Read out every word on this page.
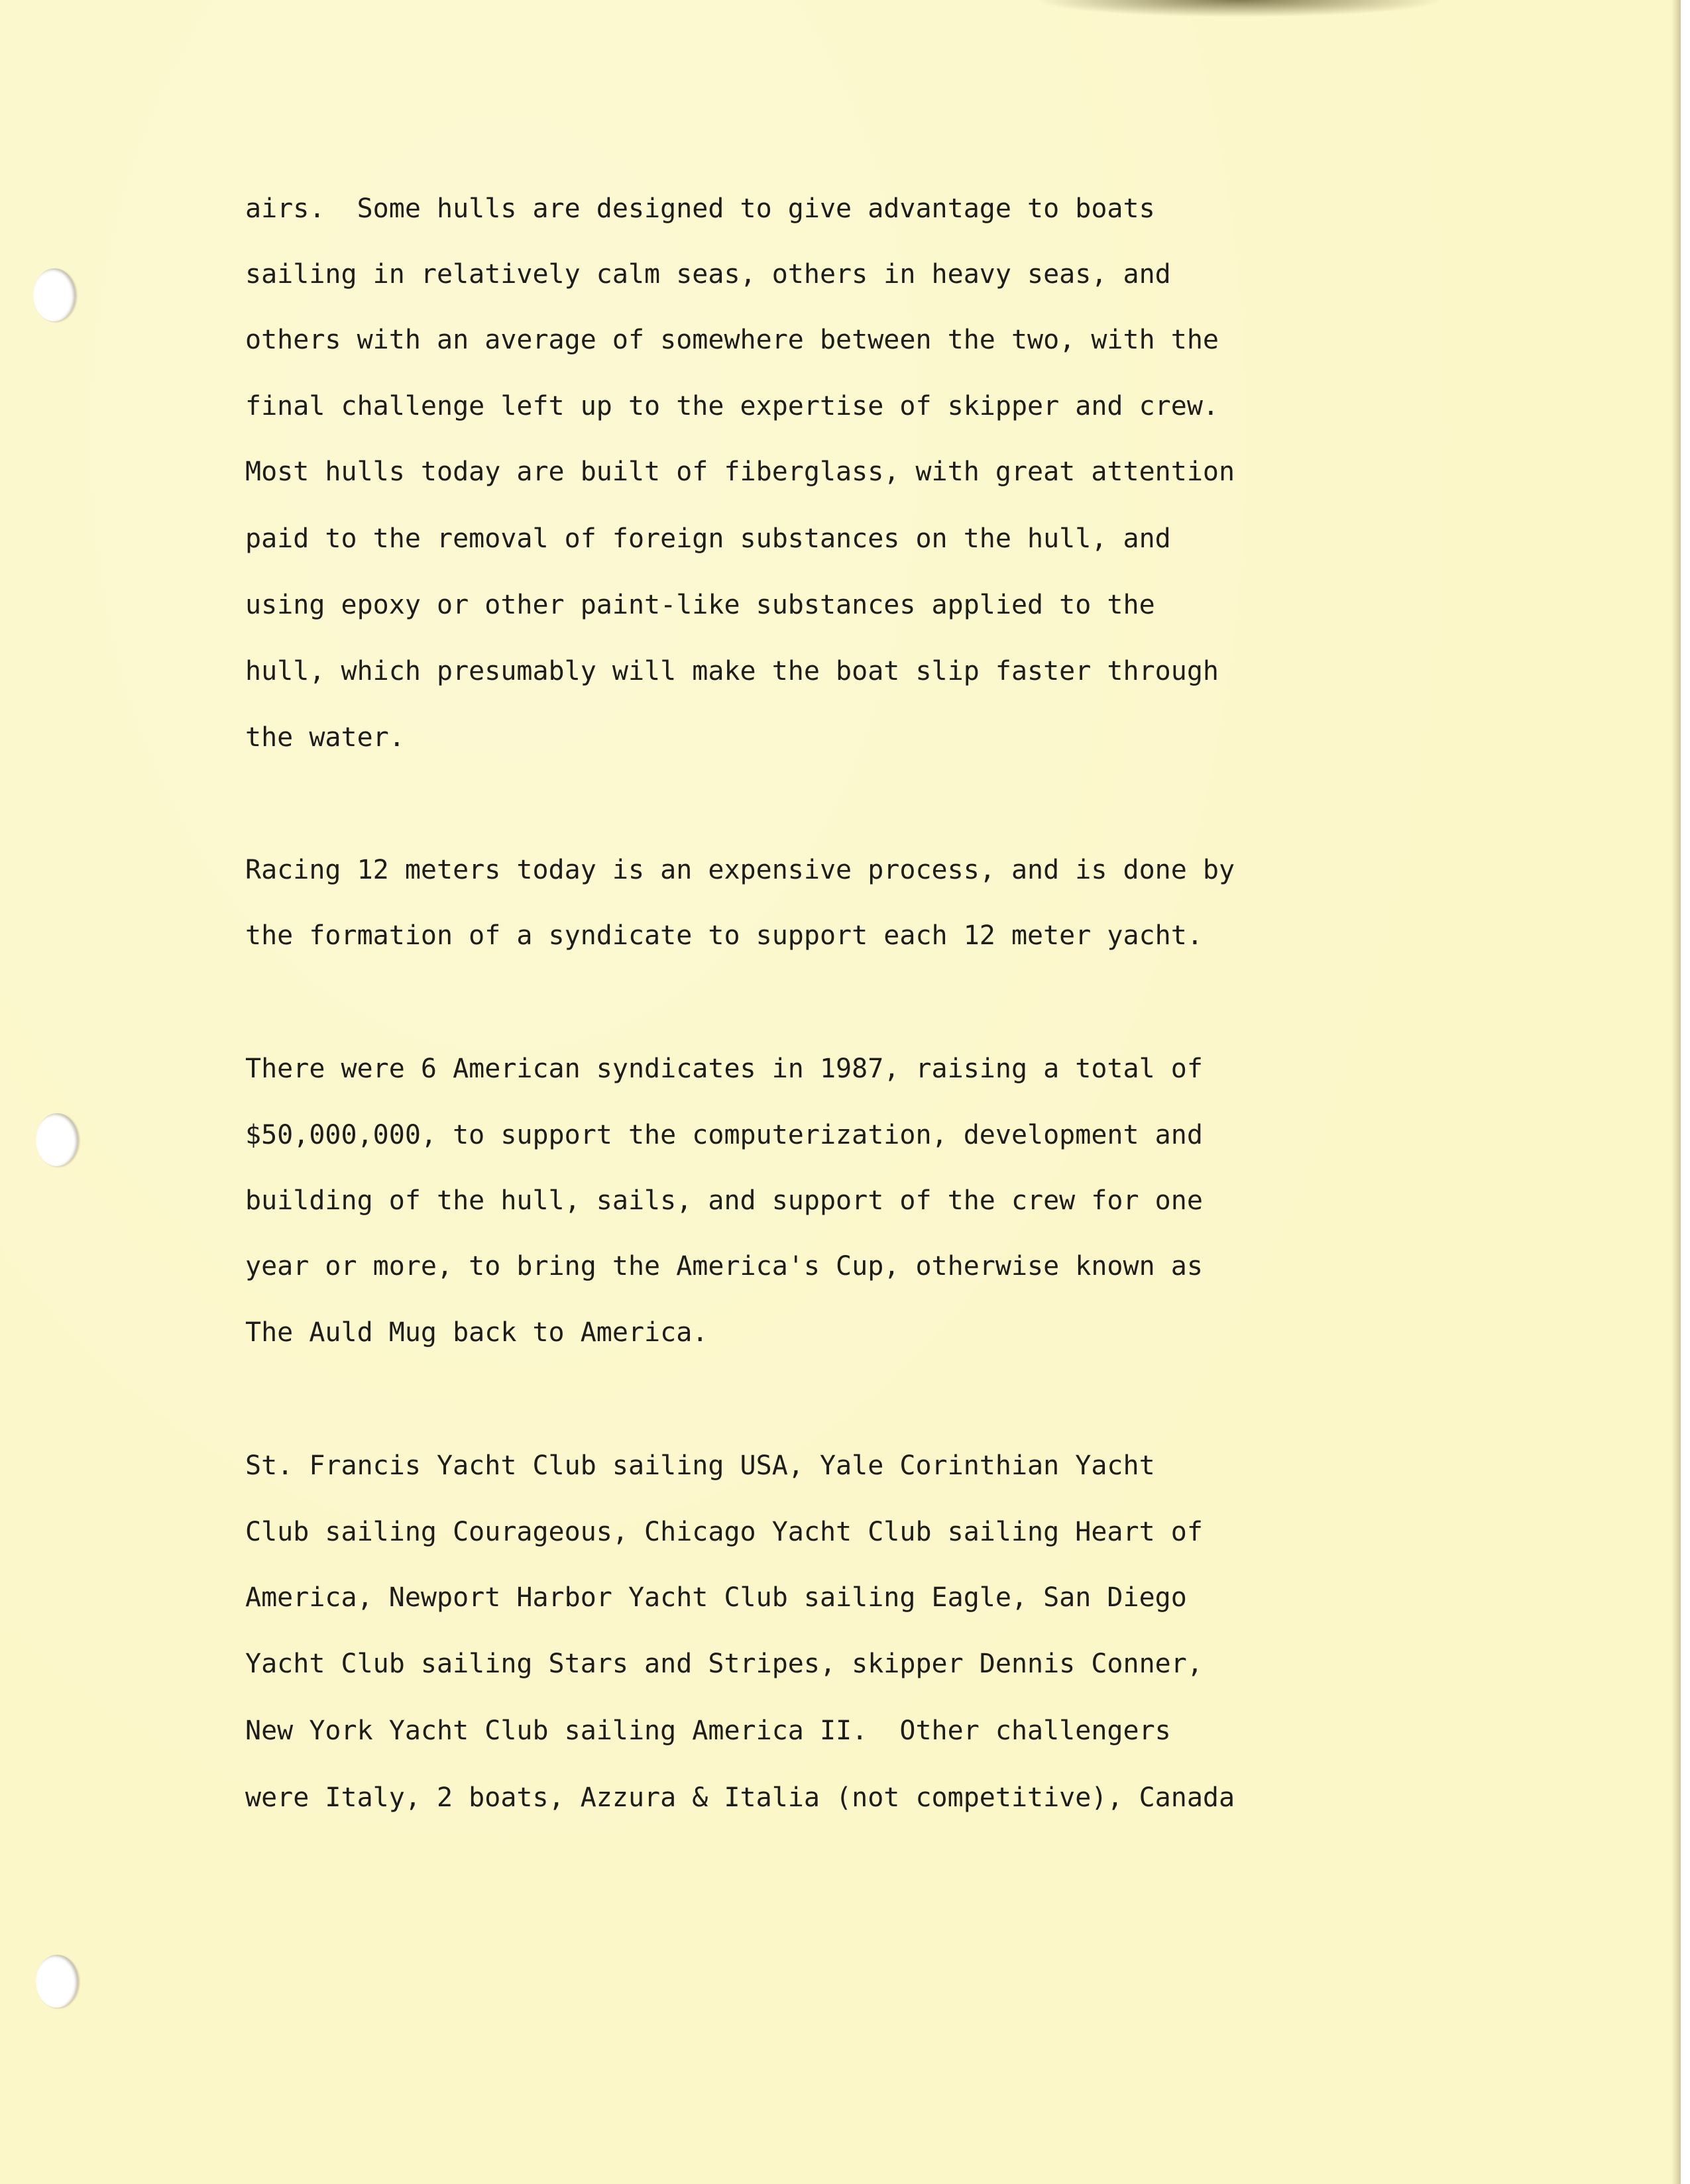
airs.  Some hulls are designed to give advantage to boats

sailing in relatively calm seas, others in heavy seas, and

others with an average of somewhere between the two, with the

final challenge left up to the expertise of skipper and crew.

Most hulls today are built of fiberglass, with great attention

paid to the removal of foreign substances on the hull, and

using epoxy or other paint-like substances applied to the

hull, which presumably will make the boat slip faster through

the water.

Racing 12 meters today is an expensive process, and is done by

the formation of a syndicate to support each 12 meter yacht.

There were 6 American syndicates in 1987, raising a total of

$50,000,000, to support the computerization, development and

building of the hull, sails, and support of the crew for one

year or more, to bring the America's Cup, otherwise known as

The Auld Mug back to America.

St. Francis Yacht Club sailing USA, Yale Corinthian Yacht

Club sailing Courageous, Chicago Yacht Club sailing Heart of

America, Newport Harbor Yacht Club sailing Eagle, San Diego

Yacht Club sailing Stars and Stripes, skipper Dennis Conner,

New York Yacht Club sailing America II.  Other challengers

were Italy, 2 boats, Azzura & Italia (not competitive), Canada
